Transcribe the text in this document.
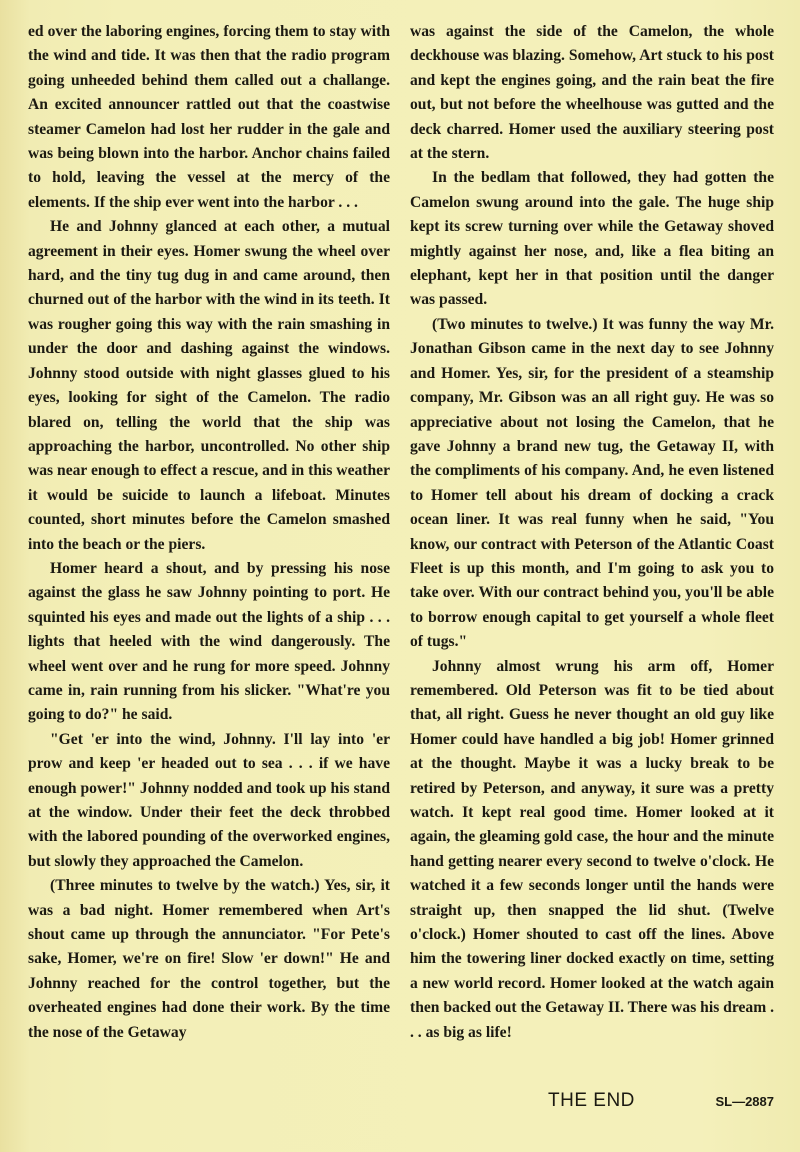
ed over the laboring engines, forcing them to stay with the wind and tide. It was then that the radio program going unheeded behind them called out a challange. An excited announcer rattled out that the coastwise steamer Camelon had lost her rudder in the gale and was being blown into the harbor. Anchor chains failed to hold, leaving the vessel at the mercy of the elements. If the ship ever went into the harbor . . .

He and Johnny glanced at each other, a mutual agreement in their eyes. Homer swung the wheel over hard, and the tiny tug dug in and came around, then churned out of the harbor with the wind in its teeth. It was rougher going this way with the rain smashing in under the door and dashing against the windows. Johnny stood outside with night glasses glued to his eyes, looking for sight of the Camelon. The radio blared on, telling the world that the ship was approaching the harbor, uncontrolled. No other ship was near enough to effect a rescue, and in this weather it would be suicide to launch a lifeboat. Minutes counted, short minutes before the Camelon smashed into the beach or the piers.

Homer heard a shout, and by pressing his nose against the glass he saw Johnny pointing to port. He squinted his eyes and made out the lights of a ship . . . lights that heeled with the wind dangerously. The wheel went over and he rung for more speed. Johnny came in, rain running from his slicker. "What're you going to do?" he said.

"Get 'er into the wind, Johnny. I'll lay into 'er prow and keep 'er headed out to sea . . . if we have enough power!" Johnny nodded and took up his stand at the window. Under their feet the deck throbbed with the labored pounding of the overworked engines, but slowly they approached the Camelon.

(Three minutes to twelve by the watch.) Yes, sir, it was a bad night. Homer remembered when Art's shout came up through the annunciator. "For Pete's sake, Homer, we're on fire! Slow 'er down!" He and Johnny reached for the control together, but the overheated engines had done their work. By the time the nose of the Getaway

was against the side of the Camelon, the whole deckhouse was blazing. Somehow, Art stuck to his post and kept the engines going, and the rain beat the fire out, but not before the wheelhouse was gutted and the deck charred. Homer used the auxiliary steering post at the stern.

In the bedlam that followed, they had gotten the Camelon swung around into the gale. The huge ship kept its screw turning over while the Getaway shoved mightly against her nose, and, like a flea biting an elephant, kept her in that position until the danger was passed.

(Two minutes to twelve.) It was funny the way Mr. Jonathan Gibson came in the next day to see Johnny and Homer. Yes, sir, for the president of a steamship company, Mr. Gibson was an all right guy. He was so appreciative about not losing the Camelon, that he gave Johnny a brand new tug, the Getaway II, with the compliments of his company. And, he even listened to Homer tell about his dream of docking a crack ocean liner. It was real funny when he said, "You know, our contract with Peterson of the Atlantic Coast Fleet is up this month, and I'm going to ask you to take over. With our contract behind you, you'll be able to borrow enough capital to get yourself a whole fleet of tugs."

Johnny almost wrung his arm off, Homer remembered. Old Peterson was fit to be tied about that, all right. Guess he never thought an old guy like Homer could have handled a big job! Homer grinned at the thought. Maybe it was a lucky break to be retired by Peterson, and anyway, it sure was a pretty watch. It kept real good time. Homer looked at it again, the gleaming gold case, the hour and the minute hand getting nearer every second to twelve o'clock. He watched it a few seconds longer until the hands were straight up, then snapped the lid shut. (Twelve o'clock.) Homer shouted to cast off the lines. Above him the towering liner docked exactly on time, setting a new world record. Homer looked at the watch again then backed out the Getaway II. There was his dream . . . as big as life!

THE END	SL—2887
